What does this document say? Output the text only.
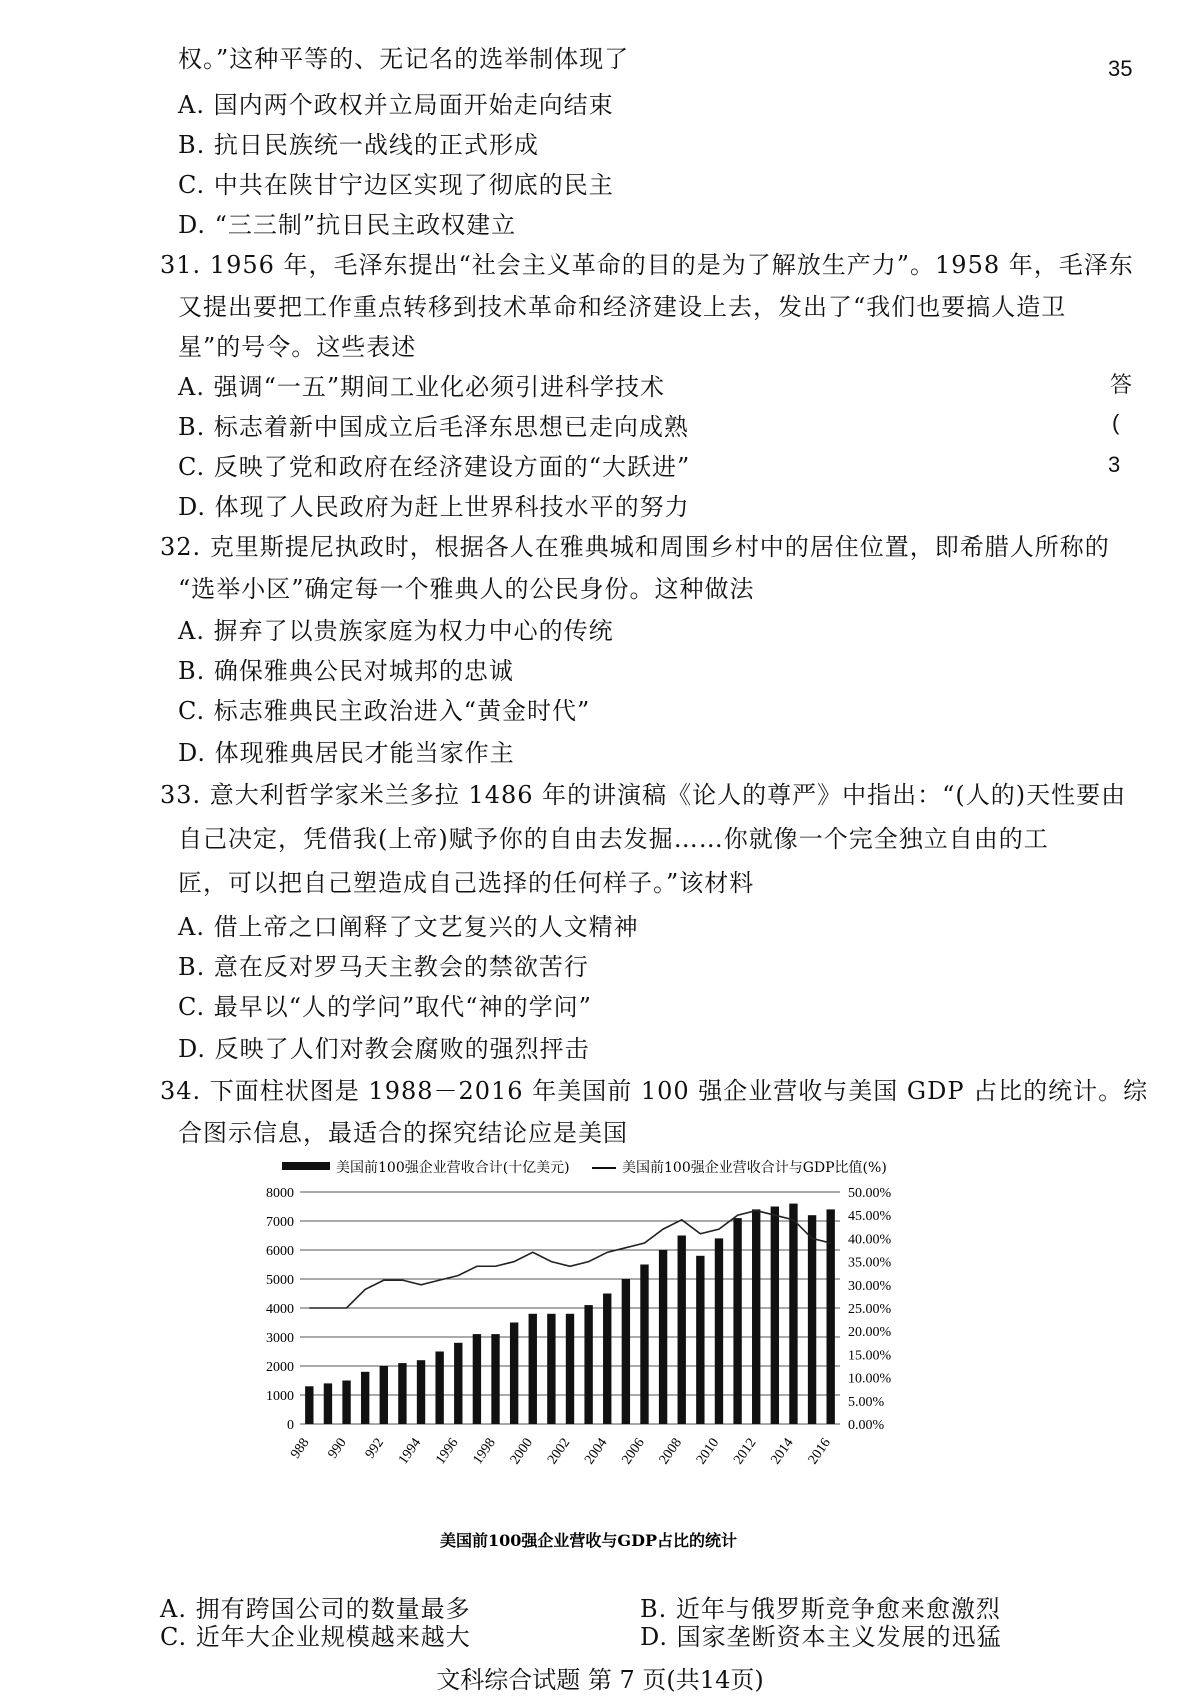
35
答
(
3
权。”这种平等的、无记名的选举制体现了
A. 国内两个政权并立局面开始走向结束
B. 抗日民族统一战线的正式形成
C. 中共在陕甘宁边区实现了彻底的民主
D. “三三制”抗日民主政权建立
31. 1956 年，毛泽东提出“社会主义革命的目的是为了解放生产力”。1958 年，毛泽东
又提出要把工作重点转移到技术革命和经济建设上去，发出了“我们也要搞人造卫
星”的号令。这些表述
A. 强调“一五”期间工业化必须引进科学技术
B. 标志着新中国成立后毛泽东思想已走向成熟
C. 反映了党和政府在经济建设方面的“大跃进”
D. 体现了人民政府为赶上世界科技水平的努力
32. 克里斯提尼执政时，根据各人在雅典城和周围乡村中的居住位置，即希腊人所称的
“选举小区”确定每一个雅典人的公民身份。这种做法
A. 摒弃了以贵族家庭为权力中心的传统
B. 确保雅典公民对城邦的忠诚
C. 标志雅典民主政治进入“黄金时代”
D. 体现雅典居民才能当家作主
33. 意大利哲学家米兰多拉 1486 年的讲演稿《论人的尊严》中指出：“(人的)天性要由
自己决定，凭借我(上帝)赋予你的自由去发掘……你就像一个完全独立自由的工
匠，可以把自己塑造成自己选择的任何样子。”该材料
A. 借上帝之口阐释了文艺复兴的人文精神
B. 意在反对罗马天主教会的禁欲苦行
C. 最早以“人的学问”取代“神的学问”
D. 反映了人们对教会腐败的强烈抨击
34. 下面柱状图是 1988－2016 年美国前 100 强企业营收与美国 GDP 占比的统计。综
合图示信息，最适合的探究结论应是美国
美国前100强企业营收合计(十亿美元)	美国前100强企业营收合计与GDP比值(%)
8000
7000
6000
5000
4000
3000
2000
1000
0
50.00%
45.00%
40.00%
35.00%
30.00%
25.00%
20.00%
15.00%
10.00%
5.00%
0.00%
988 990 992 1994 1996 1998 2000 2002 2004 2006 2008 2010 2012 2014 2016
美国前100强企业营收与GDP占比的统计
A. 拥有跨国公司的数量最多	B. 近年与俄罗斯竞争愈来愈激烈
文科综合试题 第 7 页(共14页)
C. 近年大企业规模越来越大	D. 国家垄断资本主义发展的迅猛
